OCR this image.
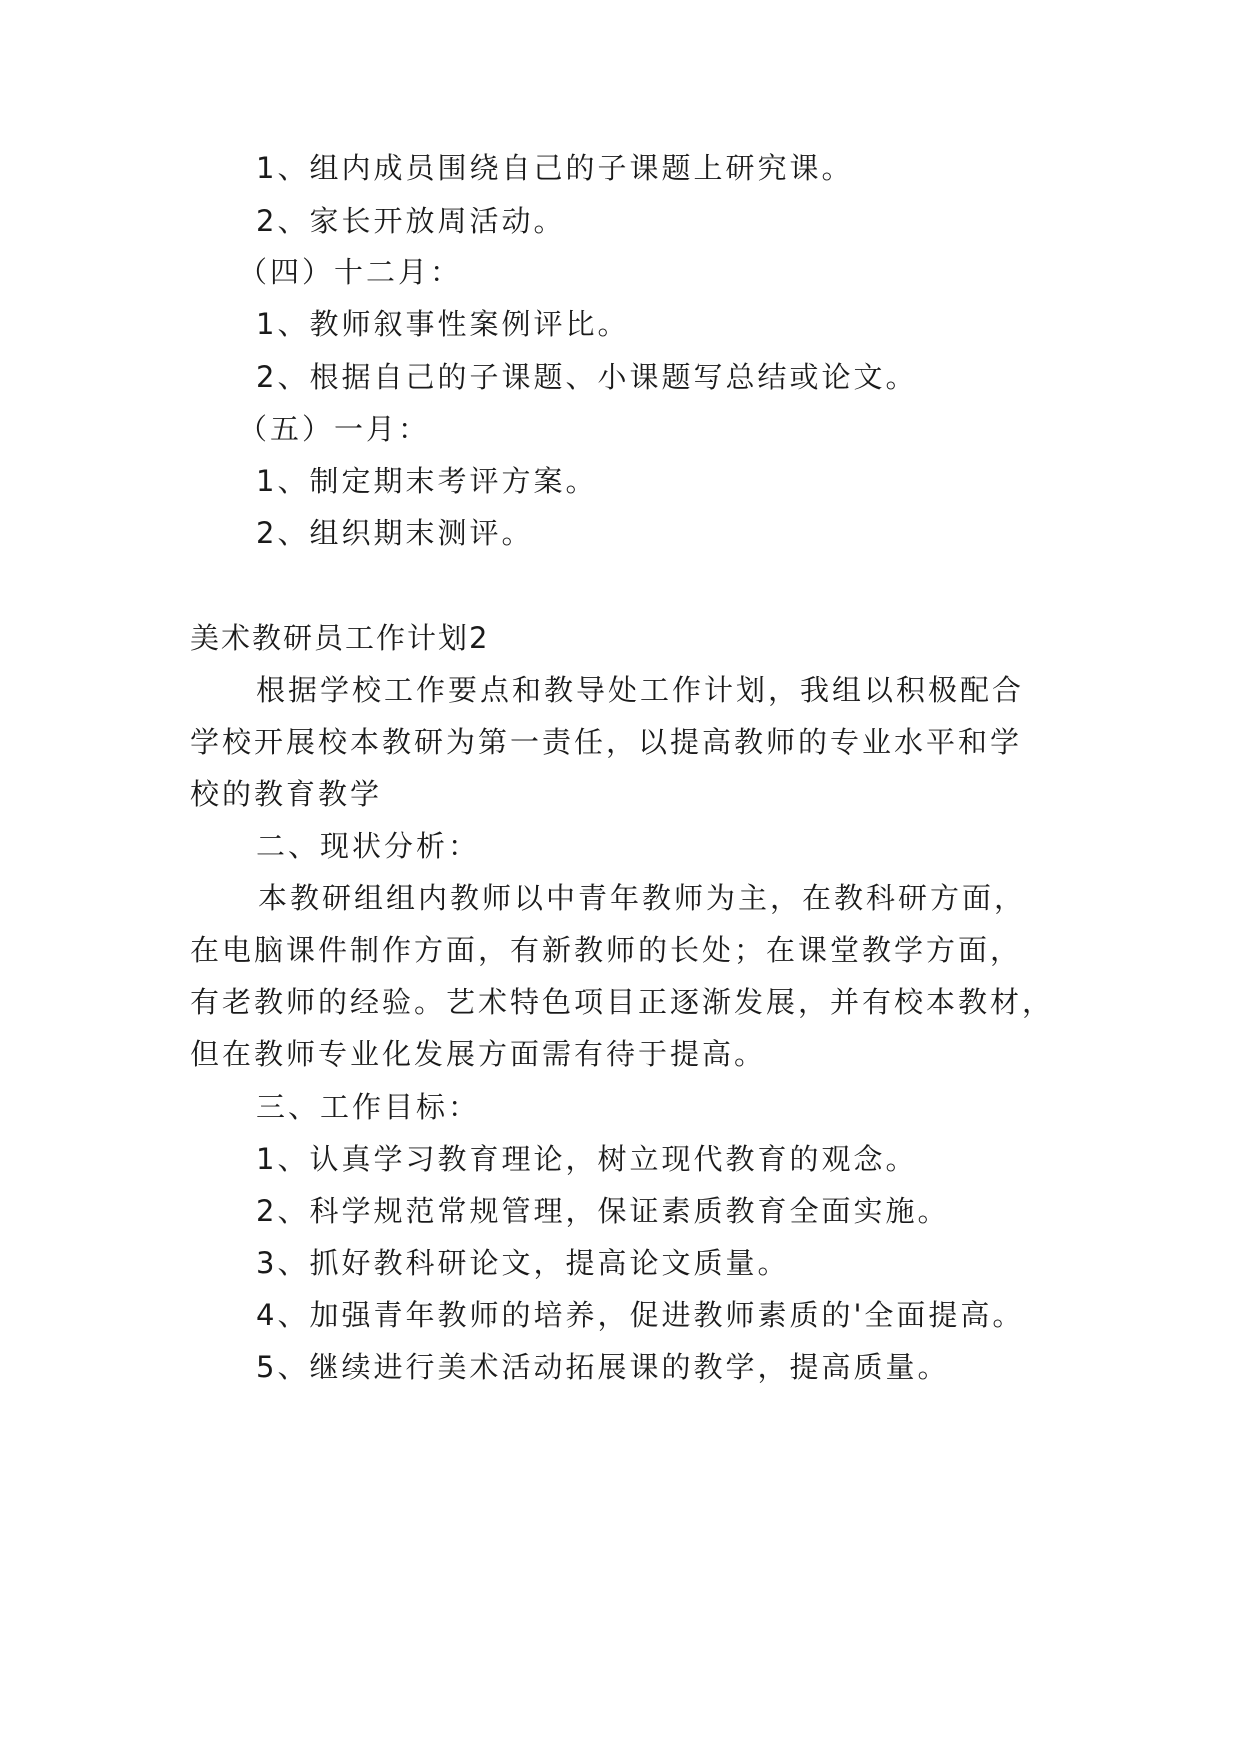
1、组内成员围绕自己的子课题上研究课。
2、家长开放周活动。
（四）十二月：
1、教师叙事性案例评比。
2、根据自己的子课题、小课题写总结或论文。
（五）一月：
1、制定期末考评方案。
2、组织期末测评。
美术教研员工作计划2
根据学校工作要点和教导处工作计划，我组以积极配合
学校开展校本教研为第一责任，以提高教师的专业水平和学
校的教育教学
二、现状分析：
本教研组组内教师以中青年教师为主，在教科研方面，
在电脑课件制作方面，有新教师的长处；在课堂教学方面，
有老教师的经验。艺术特色项目正逐渐发展，并有校本教材，
但在教师专业化发展方面需有待于提高。
三、工作目标：
1、认真学习教育理论，树立现代教育的观念。
2、科学规范常规管理，保证素质教育全面实施。
3、抓好教科研论文，提高论文质量。
4、加强青年教师的培养，促进教师素质的'全面提高。
5、继续进行美术活动拓展课的教学，提高质量。
